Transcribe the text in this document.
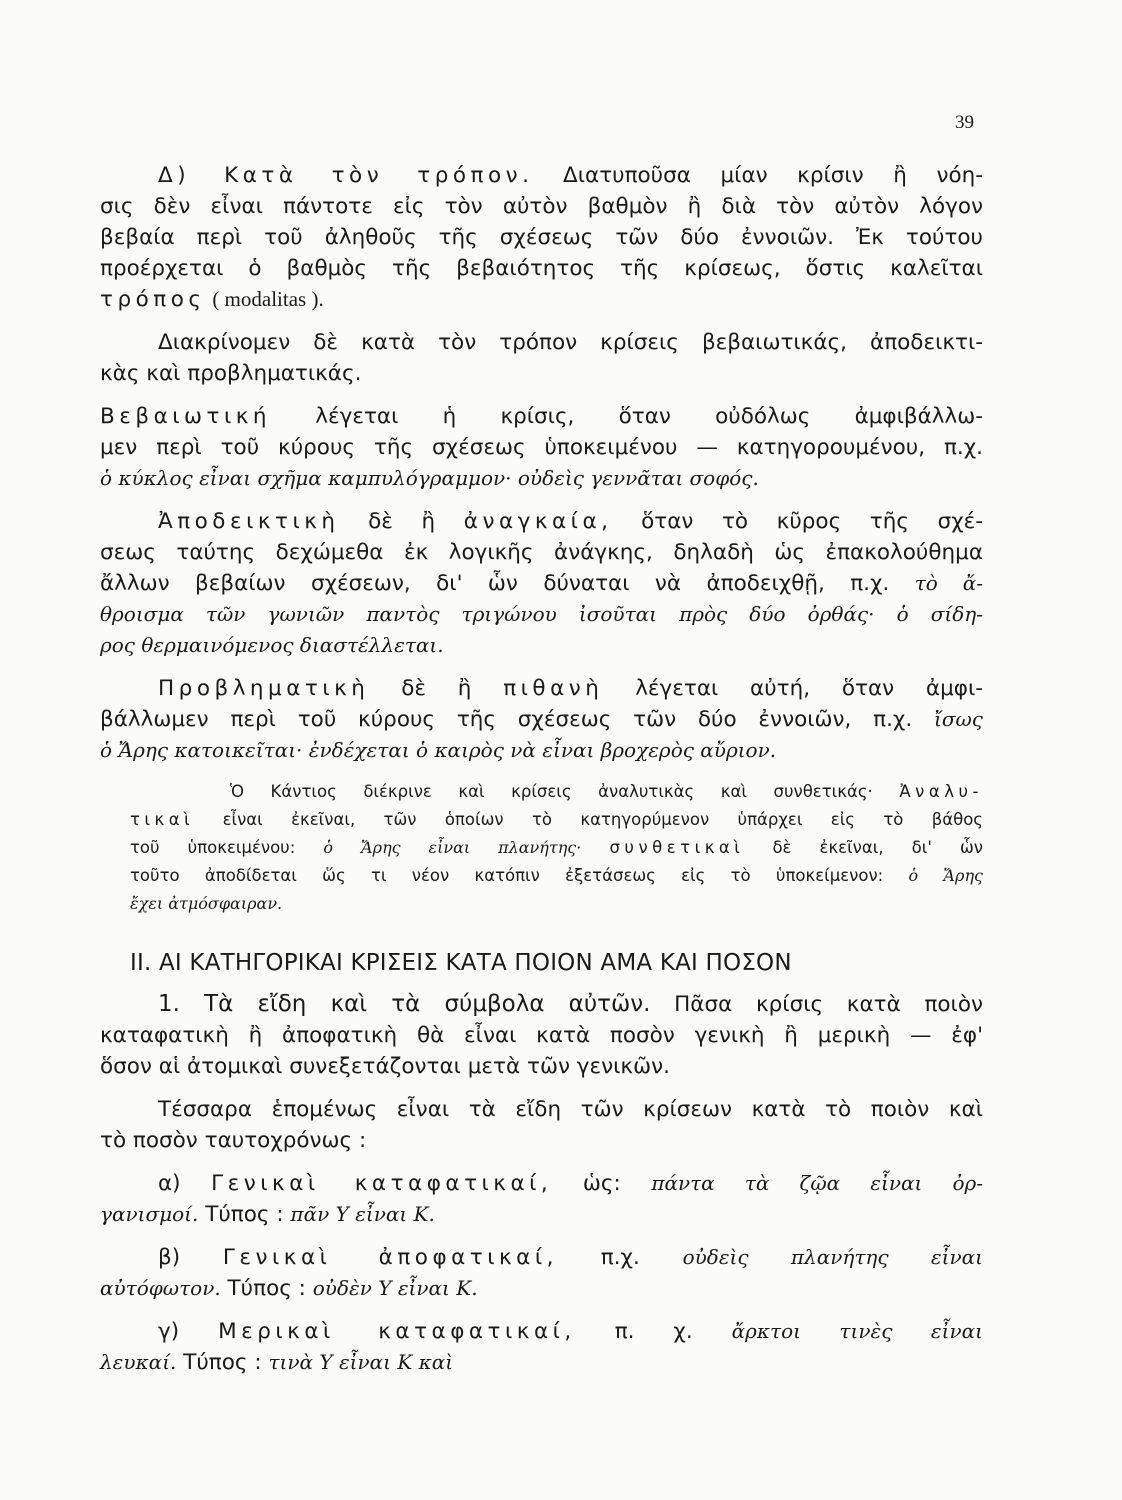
39
Δ) Κατὰ τὸν τρόπον. Διατυποῦσα μίαν κρίσιν ἢ νόη-
σις δὲν εἶναι πάντοτε εἰς τὸν αὐτὸν βαθμὸν ἢ διὰ τὸν αὐτὸν λόγον
βεβαία περὶ τοῦ ἀληθοῦς τῆς σχέσεως τῶν δύο ἐννοιῶν. Ἐκ τούτου
προέρχεται ὁ βαθμὸς τῆς βεβαιότητος τῆς κρίσεως, ὅστις καλεῖται
τρόπος ( modalitas ).
Διακρίνομεν δὲ κατὰ τὸν τρόπον κρίσεις βεβαιωτικάς, ἀποδεικτι-
κὰς καὶ προβληματικάς.
Βεβαιωτική λέγεται ἡ κρίσις, ὅταν οὐδόλως ἀμφιβάλλω-
μεν περὶ τοῦ κύρους τῆς σχέσεως ὑποκειμένου — κατηγορουμένου, π.χ.
ὁ κύκλος εἶναι σχῆμα καμπυλόγραμμον· οὐδεὶς γεννᾶται σοφός.
Ἀποδεικτικὴ δὲ ἢ ἀναγκαία, ὅταν τὸ κῦρος τῆς σχέ-
σεως ταύτης δεχώμεθα ἐκ λογικῆς ἀνάγκης, δηλαδὴ ὡς ἐπακολούθημα
ἄλλων βεβαίων σχέσεων, δι' ὧν δύναται νὰ ἀποδειχθῇ, π.χ. τὸ ἄ-
θροισμα τῶν γωνιῶν παντὸς τριγώνου ἰσοῦται πρὸς δύο ὀρθάς· ὁ σίδη-
ρος θερμαινόμενος διαστέλλεται.
Προβληματικὴ δὲ ἢ πιθανὴ λέγεται αὐτή, ὅταν ἀμφι-
βάλλωμεν περὶ τοῦ κύρους τῆς σχέσεως τῶν δύο ἐννοιῶν, π.χ. ἴσως
ὁ Ἄρης κατοικεῖται· ἐνδέχεται ὁ καιρὸς νὰ εἶναι βροχερὸς αὔριον.
Ὁ Κάντιος διέκρινε καὶ κρίσεις ἀναλυτικὰς καὶ συνθετικάς· Ἀναλυ-
τικαὶ εἶναι ἐκεῖναι, τῶν ὁποίων τὸ κατηγορύμενον ὑπάρχει εἰς τὸ βάθος
τοῦ ὑποκειμένου: ὁ Ἄρης εἶναι πλανήτης· συνθετικαὶ δὲ ἐκεῖναι, δι' ὧν
τοῦτο ἀποδίδεται ὥς τι νέον κατόπιν ἐξετάσεως εἰς τὸ ὑποκείμενον: ὁ Ἄρης
ἔχει ἀτμόσφαιραν.
II. ΑΙ ΚΑΤΗΓΟΡΙΚΑΙ ΚΡΙΣΕΙΣ ΚΑΤΑ ΠΟΙΟΝ ΑΜΑ ΚΑΙ ΠΟΣΟΝ
1. Τὰ εἴδη καὶ τὰ σύμβολα αὐτῶν. Πᾶσα κρίσις κατὰ ποιὸν
καταφατικὴ ἢ ἀποφατικὴ θὰ εἶναι κατὰ ποσὸν γενικὴ ἢ μερικὴ — ἐφ'
ὅσον αἱ ἀτομικαὶ συνεξετάζονται μετὰ τῶν γενικῶν.
Τέσσαρα ἑπομένως εἶναι τὰ εἴδη τῶν κρίσεων κατὰ τὸ ποιὸν καὶ
τὸ ποσὸν ταυτοχρόνως :
α) Γενικαὶ καταφατικαί, ὡς: πάντα τὰ ζῷα εἶναι ὀρ-
γανισμοί. Τύπος : πᾶν Υ εἶναι Κ.
β) Γενικαὶ ἀποφατικαί, π.χ. οὐδεὶς πλανήτης εἶναι
αὐτόφωτον. Τύπος : οὐδὲν Υ εἶναι Κ.
γ) Μερικαὶ καταφατικαί, π. χ. ἄρκτοι τινὲς εἶναι
λευκαί. Τύπος : τινὰ Υ εἶναι Κ καὶ
